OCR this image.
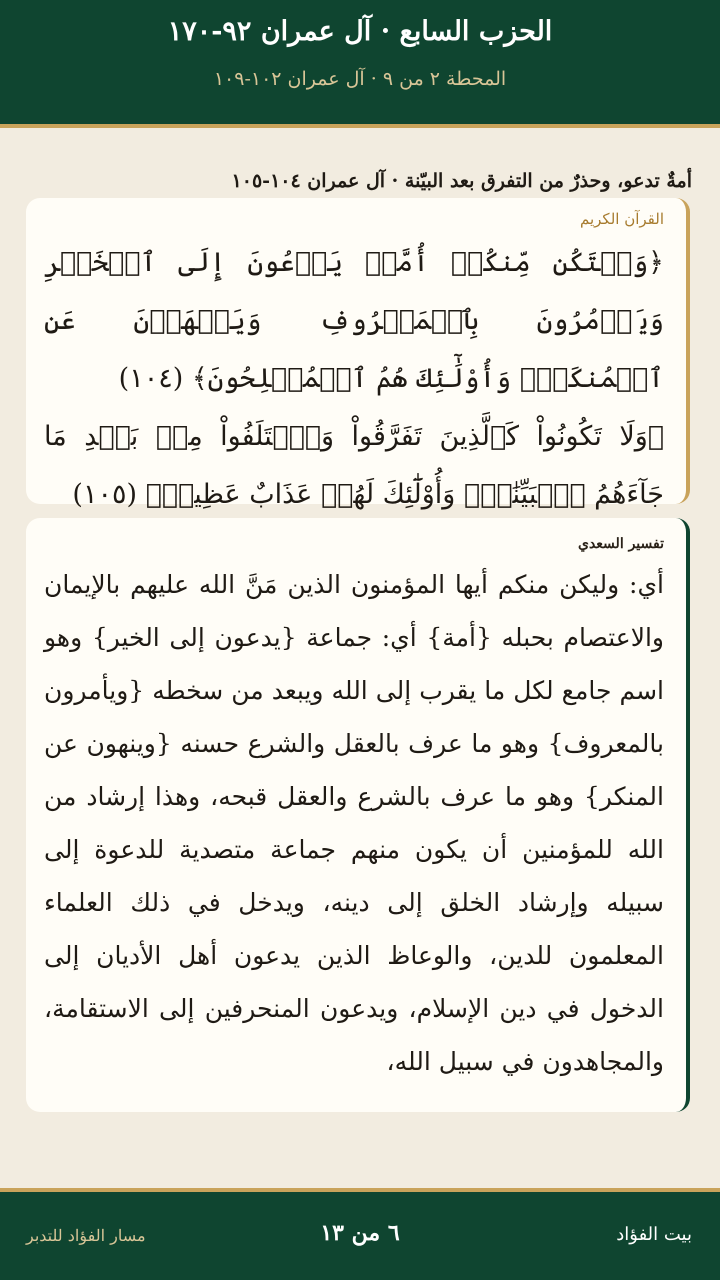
الحزب السابع · آل عمران ٩٢-١٧٠
المحطة ٢ من ٩ · آل عمران ١٠٢-١٠٩
أمةٌ تدعو، وحذرٌ من التفرق بعد البيّنة · آل عمران ١٠٤-١٠٥
القرآن الكريم

﴿وَلۡتَكُن مِّنكُمۡ أُمَّةٞ يَدۡعُونَ إِلَى ٱلۡخَيۡرِ وَيَأۡمُرُونَ بِٱلۡمَعۡرُوفِ وَيَنۡهَوۡنَ عَنِ ٱلۡمُنكَرِۚ وَأُوْلَٰٓئِكَ هُمُ ٱلۡمُفۡلِحُونَ﴾ (١٠٤)

﴿وَلَا تَكُونُواْ كَٱلَّذِينَ تَفَرَّقُواْ وَٱخۡتَلَفُواْ مِنۢ بَعۡدِ مَا جَآءَهُمُ ٱلۡبَيِّنَٰتُۚ وَأُوْلَٰٓئِكَ لَهُمۡ عَذَابٌ عَظِيمٞ﴾ (١٠٥)

تفسير السعدي

أي: وليكن منكم أيها المؤمنون الذين مَنَّ الله عليهم بالإيمان والاعتصام بحبله {أمة} أي: جماعة {يدعون إلى الخير} وهو اسم جامع لكل ما يقرب إلى الله ويبعد من سخطه {ويأمرون بالمعروف} وهو ما عرف بالعقل والشرع حسنه {وينهون عن المنكر} وهو ما عرف بالشرع والعقل قبحه، وهذا إرشاد من الله للمؤمنين أن يكون منهم جماعة متصدية للدعوة إلى سبيله وإرشاد الخلق إلى دينه، ويدخل في ذلك العلماء المعلمون للدين، والوعاظ الذين يدعون أهل الأديان إلى الدخول في دين الإسلام، ويدعون المنحرفين إلى الاستقامة، والمجاهدون في سبيل الله،

بيت الفؤاد
٦ من ١٣
مسار الفؤاد للتدبر
